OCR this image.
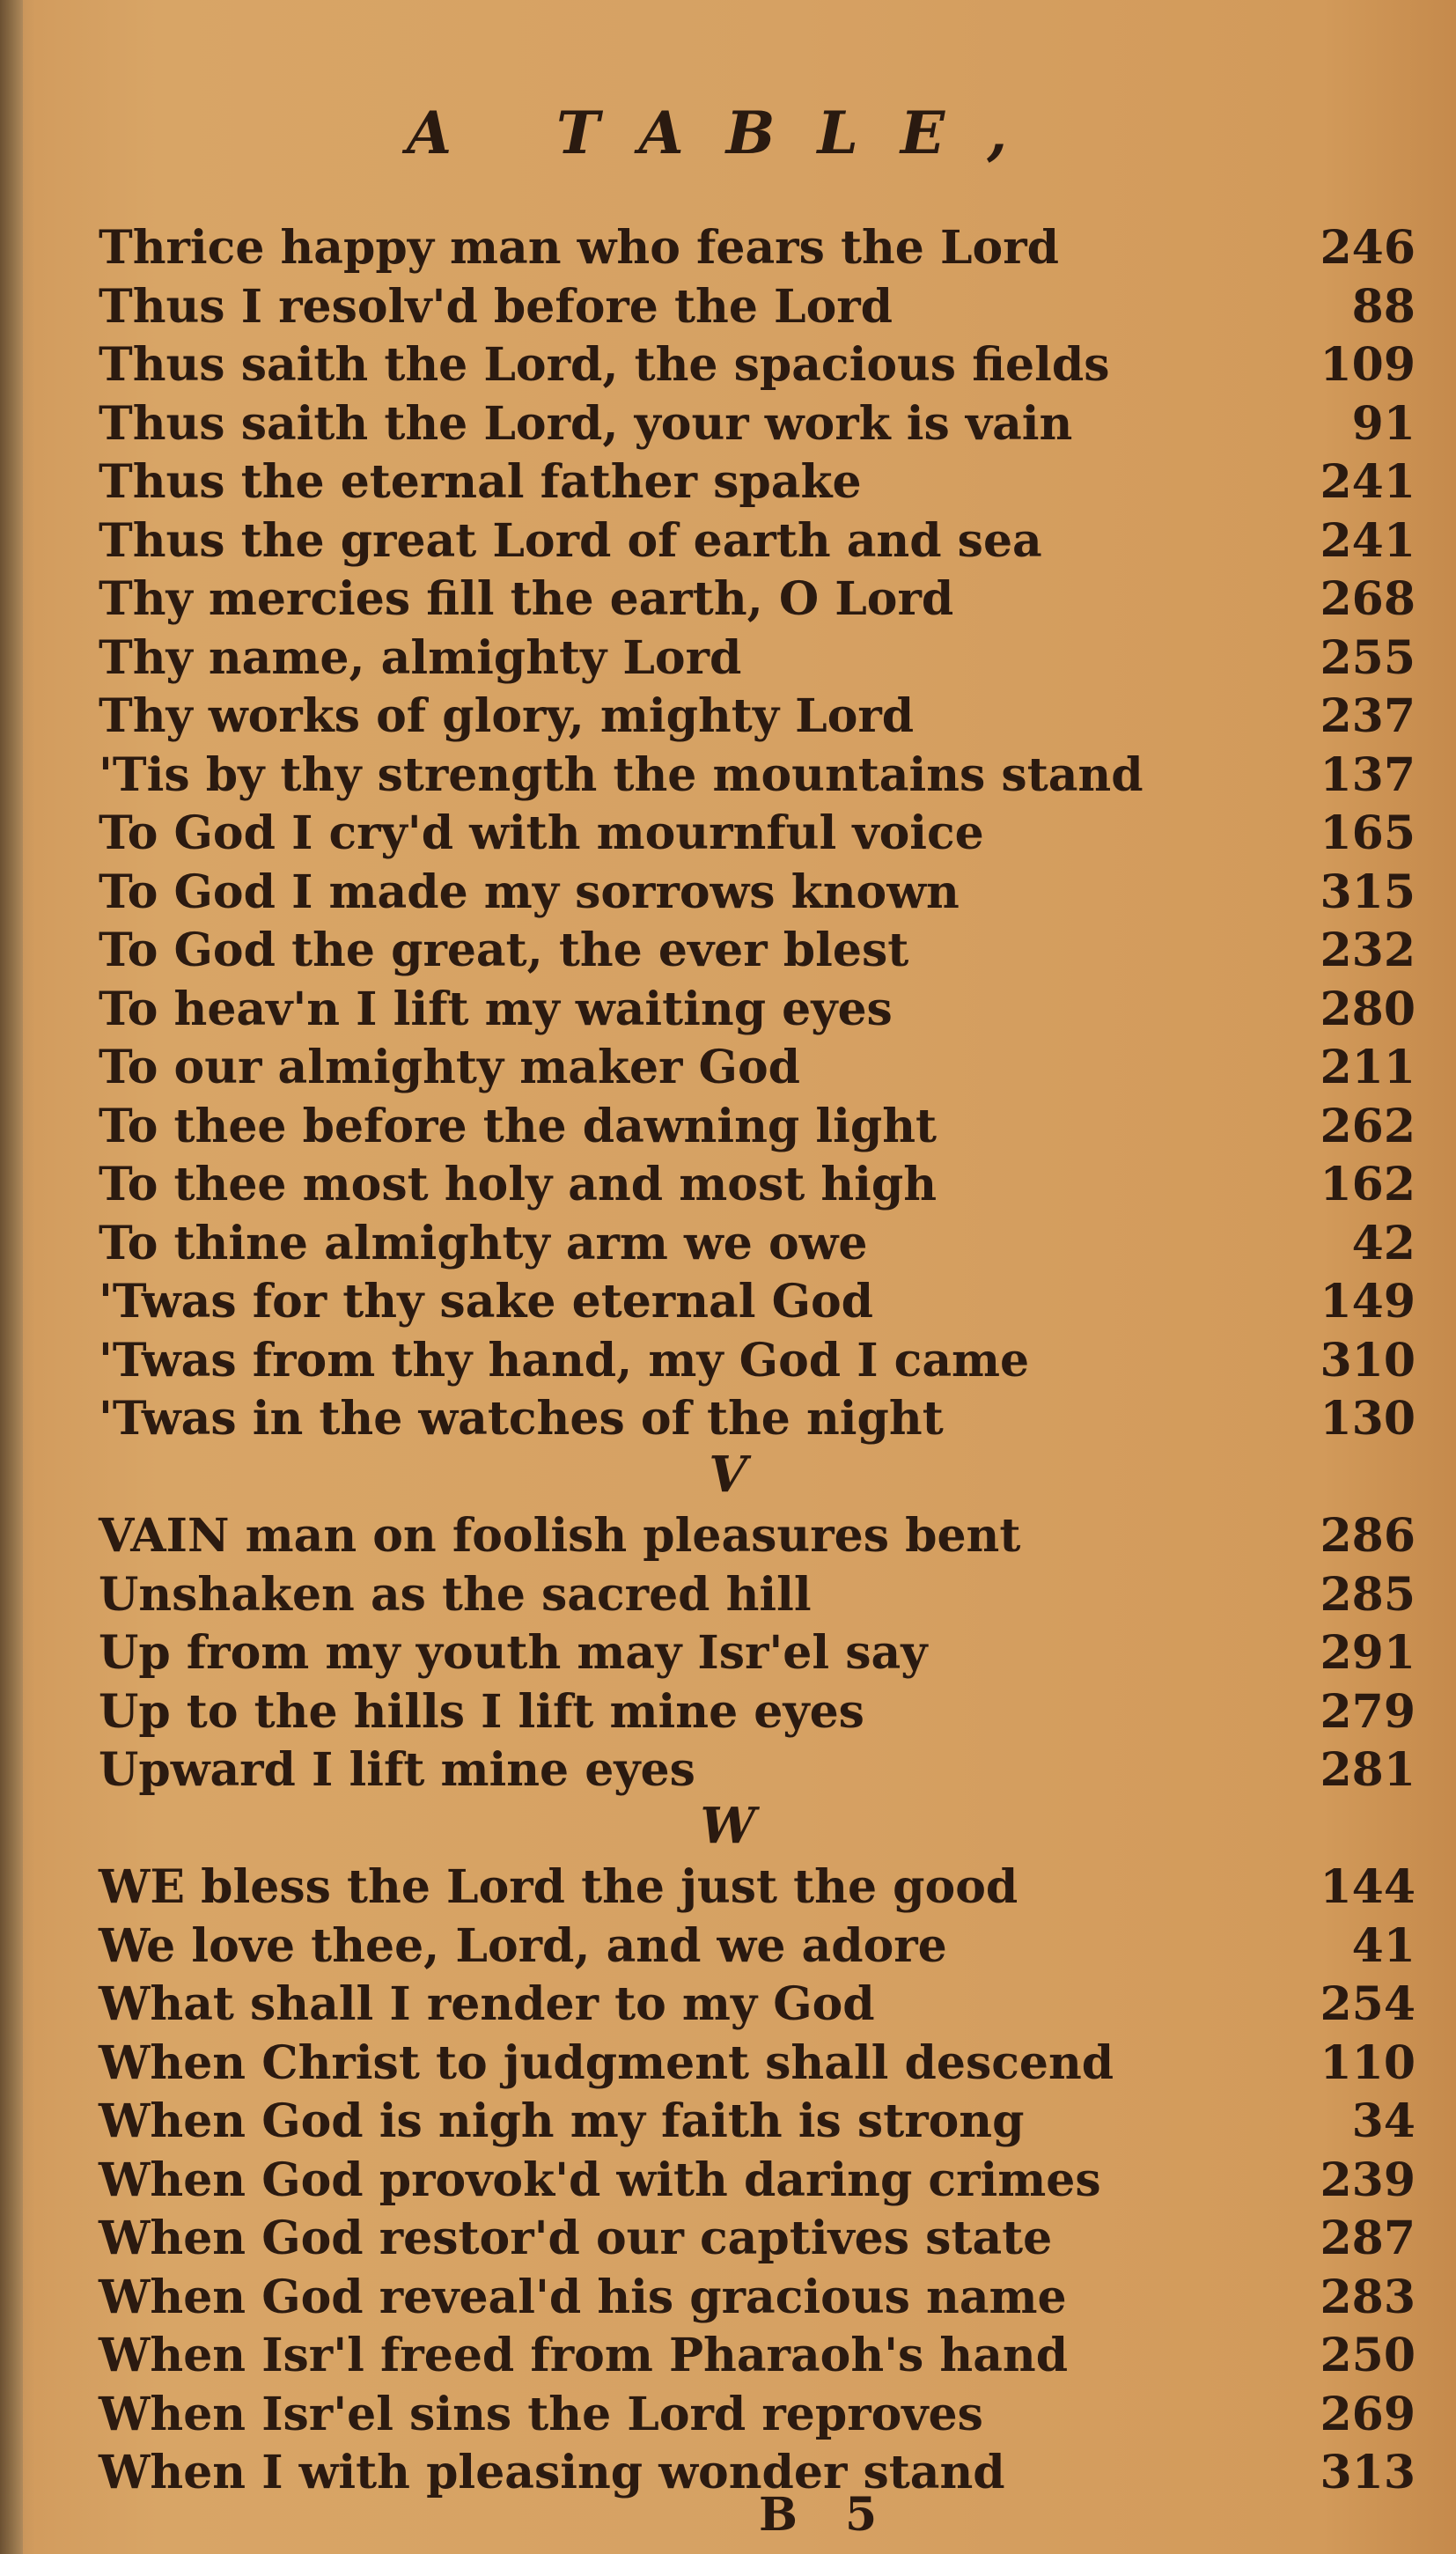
A TABLE,
Thrice happy man who fears the Lord	246
Thus I resolv'd before the Lord	88
Thus saith the Lord, the spacious fields	109
Thus saith the Lord, your work is vain	91
Thus the eternal father spake	241
Thus the great Lord of earth and sea	241
Thy mercies fill the earth, O Lord	268
Thy name, almighty Lord	255
Thy works of glory, mighty Lord	237
'Tis by thy strength the mountains stand	137
To God I cry'd with mournful voice	165
To God I made my sorrows known	315
To God the great, the ever blest	232
To heav'n I lift my waiting eyes	280
To our almighty maker God	211
To thee before the dawning light	262
To thee most holy and most high	162
To thine almighty arm we owe	42
'Twas for thy sake eternal God	149
'Twas from thy hand, my God I came	310
'Twas in the watches of the night	130
V
VAIN man on foolish pleasures bent	286
Unshaken as the sacred hill	285
Up from my youth may Isr'el say	291
Up to the hills I lift mine eyes	279
Upward I lift mine eyes	281
W
WE bless the Lord the just the good	144
We love thee, Lord, and we adore	41
What shall I render to my God	254
When Christ to judgment shall descend	110
When God is nigh my faith is strong	34
When God provok'd with daring crimes	239
When God restor'd our captives state	287
When God reveal'd his gracious name	283
When Isr'l freed from Pharaoh's hand	250
When Isr'el sins the Lord reproves	269
When I with pleasing wonder stand	313
B 5
